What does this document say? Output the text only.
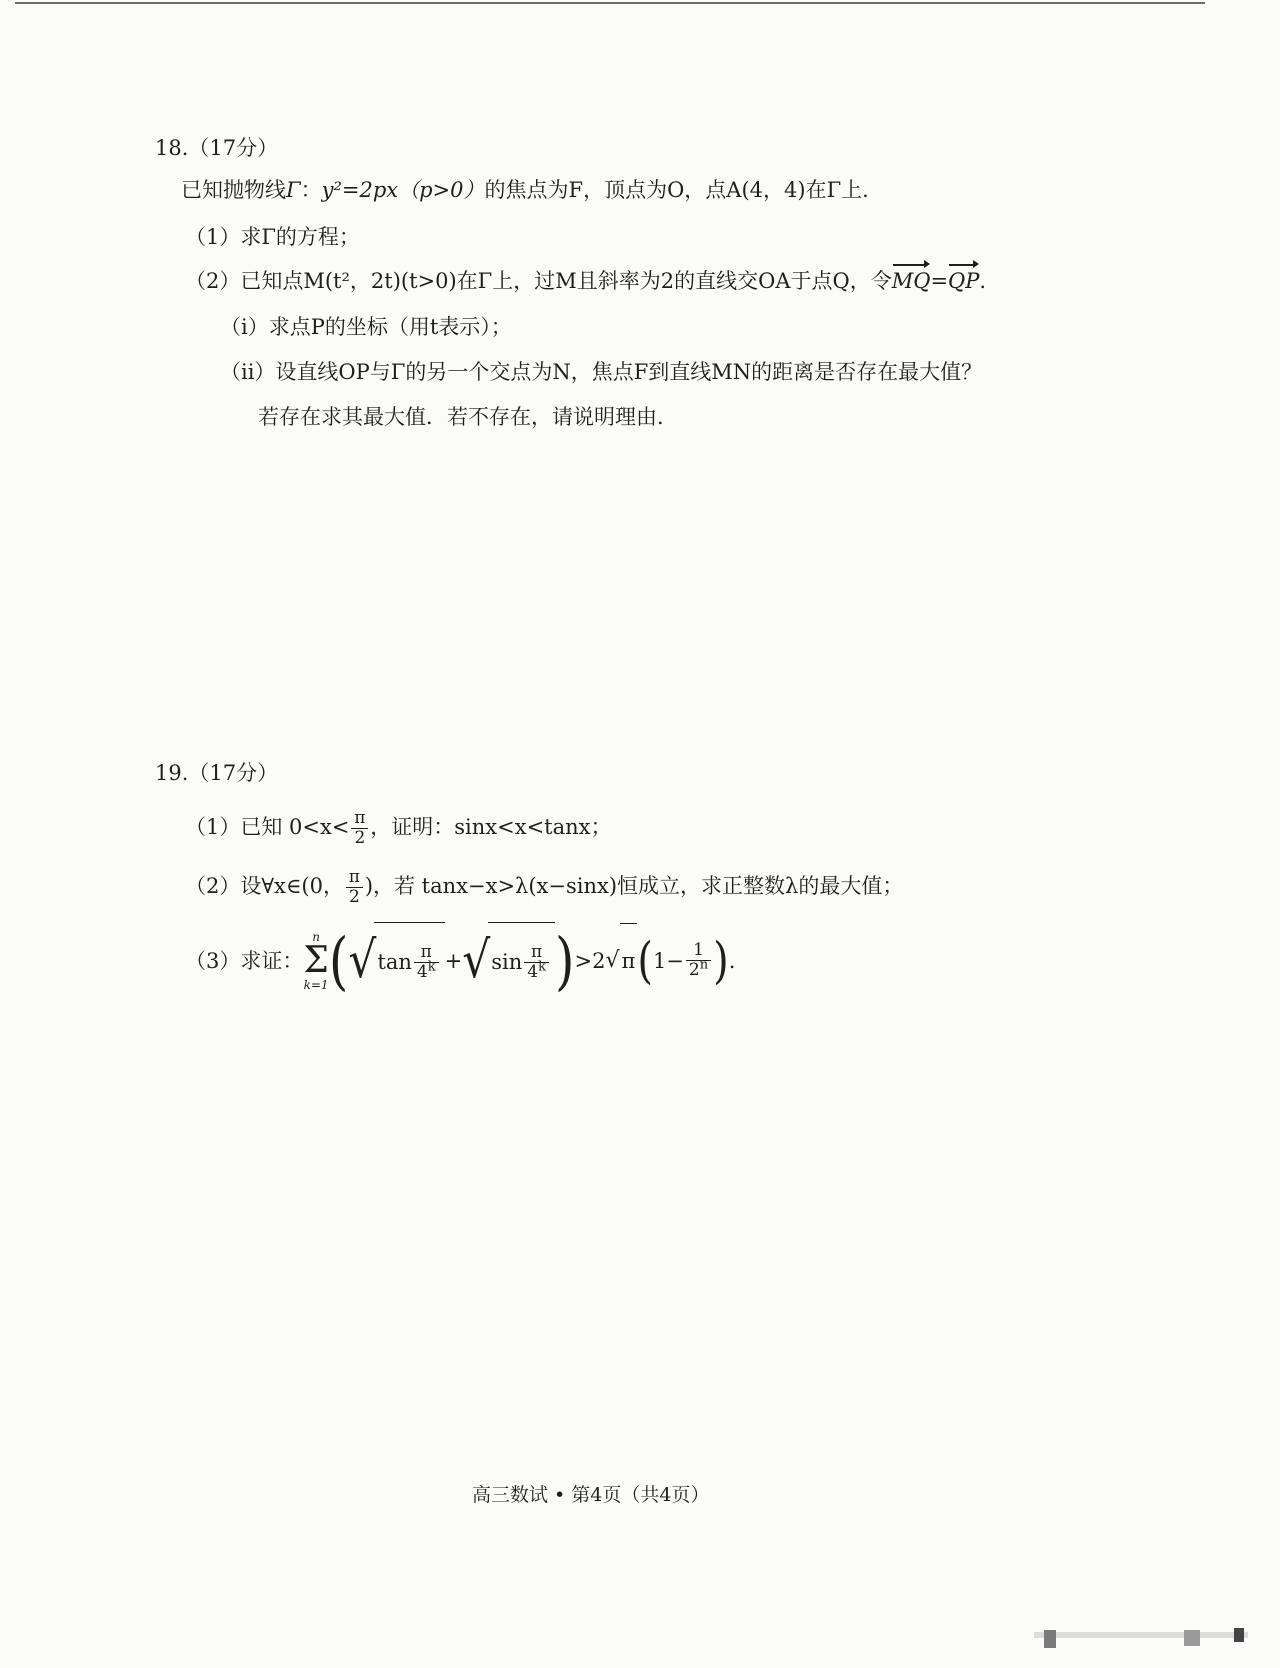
18.（17分）
已知抛物线Γ：y²=2px（p>0）的焦点为F，顶点为O，点A(4，4)在Γ上.
（1）求Γ的方程；
（2）已知点M(t²，2t)(t>0)在Γ上，过M且斜率为2的直线交OA于点Q，令MQ=QP.
（i）求点P的坐标（用t表示）；
（ii）设直线OP与Γ的另一个交点为N，焦点F到直线MN的距离是否存在最大值？
若存在求其最大值．若不存在，请说明理由.
19.（17分）
（1）已知 $0<x< \frac{\pi}{2}$ ，证明：sinx<x<tanx；
（2）设∀x∈(0， $\frac{\pi}{2}$ )，若 tanx−x>λ(x−sinx)恒成立，求正整数λ的最大值；
（3）求证：
n
Σ
k=1 ( √ $\tan \frac{\pi}{4^k}$ + √ $\sin \frac{\pi}{4^k}$ ) >2 √ π ( $1- \frac{1}{2^n}$ ) .
高三数试 • 第4页（共4页）
